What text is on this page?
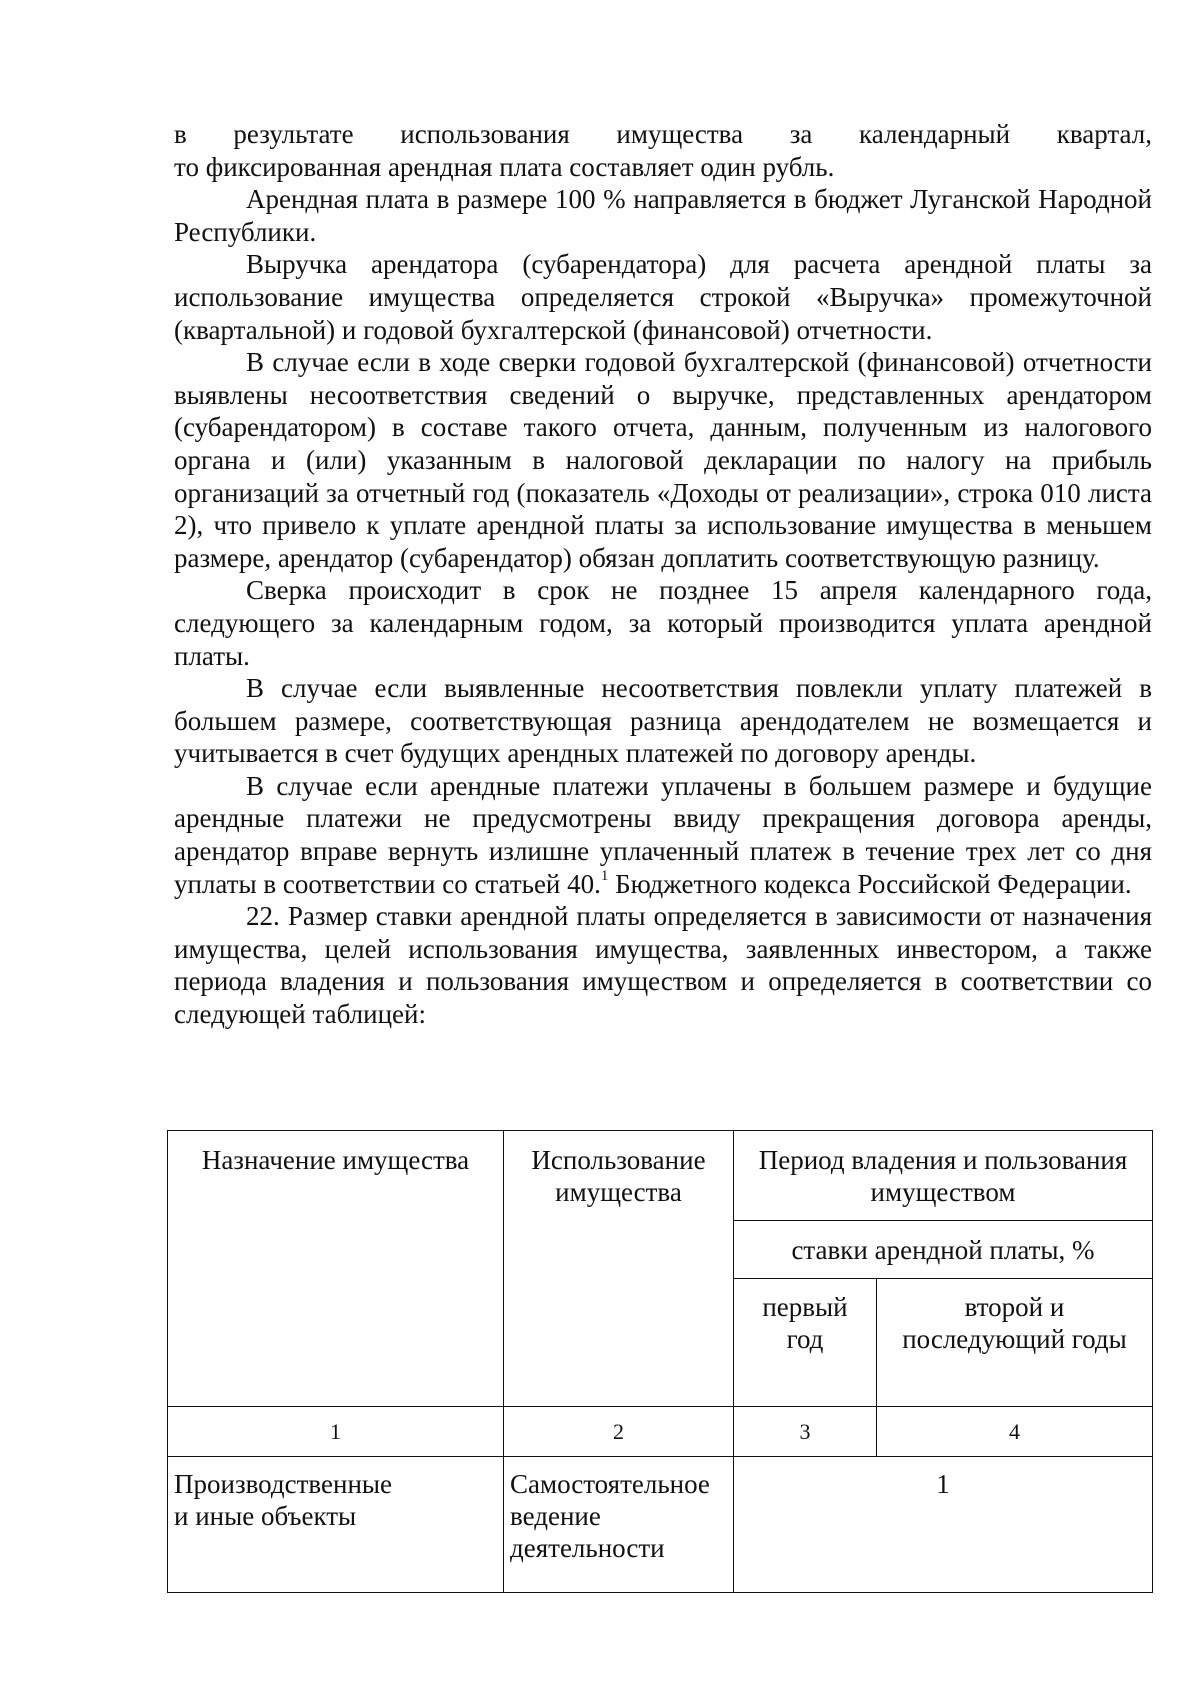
в результате использования имущества за календарный квартал,

то фиксированная арендная плата составляет один рубль.

Арендная плата в размере 100 % направляется в бюджет Луганской Народной Республики.

Выручка арендатора (субарендатора) для расчета арендной платы за использование имущества определяется строкой «Выручка» промежуточной (квартальной) и годовой бухгалтерской (финансовой) отчетности.

В случае если в ходе сверки годовой бухгалтерской (финансовой) отчетности выявлены несоответствия сведений о выручке, представленных арендатором (субарендатором) в составе такого отчета, данным, полученным из налогового органа и (или) указанным в налоговой декларации по налогу на прибыль организаций за отчетный год (показатель «Доходы от реализации», строка 010 листа 2), что привело к уплате арендной платы за использование имущества в меньшем размере, арендатор (субарендатор) обязан доплатить соответствующую разницу.

Сверка происходит в срок не позднее 15 апреля календарного года, следующего за календарным годом, за который производится уплата арендной платы.

В случае если выявленные несоответствия повлекли уплату платежей в большем размере, соответствующая разница арендодателем не возмещается и учитывается в счет будущих арендных платежей по договору аренды.

В случае если арендные платежи уплачены в большем размере и будущие арендные платежи не предусмотрены ввиду прекращения договора аренды, арендатор вправе вернуть излишне уплаченный платеж в течение трех лет со дня уплаты в соответствии со статьей 40.$^1$ Бюджетного кодекса Российской Федерации.

22. Размер ставки арендной платы определяется в зависимости от назначения имущества, целей использования имущества, заявленных инвестором, а также периода владения и пользования имуществом и определяется в соответствии со следующей таблицей:

Назначение имущества	Использование имущества	Период владения и пользования имуществом	
		ставки арендной платы, %	
		первый год	второй и последующий годы
1	2	3	4
Производственные и иные объекты	Самостоятельное ведение деятельности	1	
